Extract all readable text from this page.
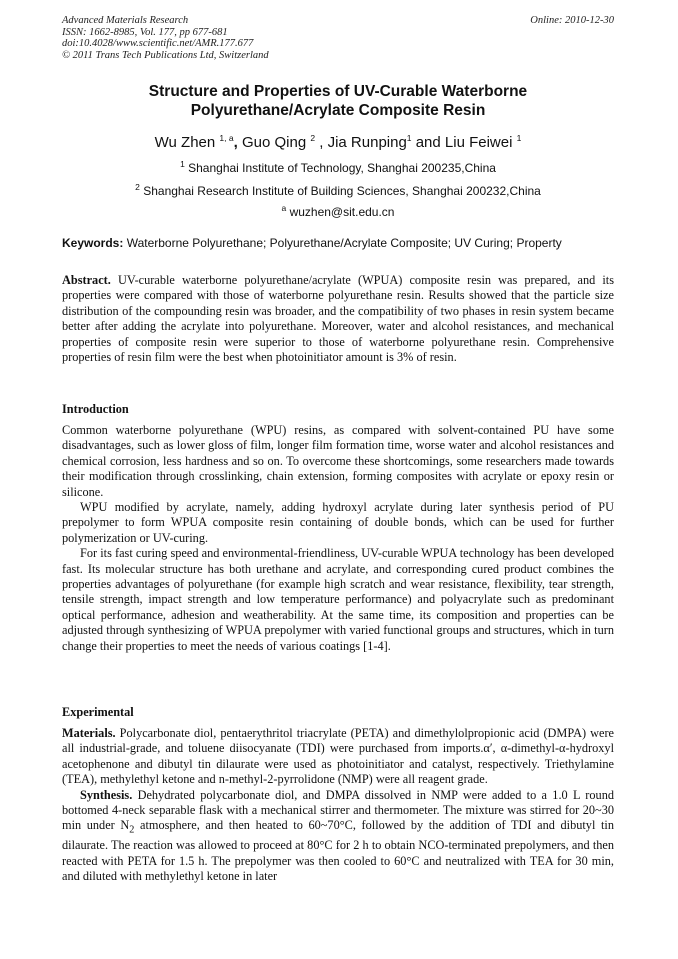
Advanced Materials Research
ISSN: 1662-8985, Vol. 177, pp 677-681
doi:10.4028/www.scientific.net/AMR.177.677
© 2011 Trans Tech Publications Ltd, Switzerland
Online: 2010-12-30
Structure and Properties of UV-Curable Waterborne
Polyurethane/Acrylate Composite Resin
Wu Zhen $^{1, a}$, Guo Qing $^2$ , Jia Runping$^1$ and Liu Feiwei $^1$
$^1$ Shanghai Institute of Technology, Shanghai 200235,China
$^2$ Shanghai Research Institute of Building Sciences, Shanghai 200232,China
$^a$ wuzhen@sit.edu.cn
Keywords: Waterborne Polyurethane; Polyurethane/Acrylate Composite; UV Curing; Property

Abstract. UV-curable waterborne polyurethane/acrylate (WPUA) composite resin was prepared, and its properties were compared with those of waterborne polyurethane resin. Results showed that the particle size distribution of the compounding resin was broader, and the compatibility of two phases in resin system became better after adding the acrylate into polyurethane. Moreover, water and alcohol resistances, and mechanical properties of composite resin were superior to those of waterborne polyurethane resin. Comprehensive properties of resin film were the best when photoinitiator amount is 3% of resin.

Introduction

Common waterborne polyurethane (WPU) resins, as compared with solvent-contained PU have some disadvantages, such as lower gloss of film, longer film formation time, worse water and alcohol resistances and chemical corrosion, less hardness and so on. To overcome these shortcomings, some researchers made towards their modification through crosslinking, chain extension, forming composites with acrylate or epoxy resin or silicone.

WPU modified by acrylate, namely, adding hydroxyl acrylate during later synthesis period of PU prepolymer to form WPUA composite resin containing of double bonds, which can be used for further polymerization or UV-curing.

For its fast curing speed and environmental-friendliness, UV-curable WPUA technology has been developed fast. Its molecular structure has both urethane and acrylate, and corresponding cured product combines the properties advantages of polyurethane (for example high scratch and wear resistance, flexibility, tear strength, tensile strength, impact strength and low temperature performance) and polyacrylate such as predominant optical performance, adhesion and weatherability. At the same time, its composition and properties can be adjusted through synthesizing of WPUA prepolymer with varied functional groups and structures, which in turn change their properties to meet the needs of various coatings [1-4].

Experimental

Materials. Polycarbonate diol, pentaerythritol triacrylate (PETA) and dimethylolpropionic acid (DMPA) were all industrial-grade, and toluene diisocyanate (TDI) were purchased from imports.α′, α-dimethyl-α-hydroxyl acetophenone and dibutyl tin dilaurate were used as photoinitiator and catalyst, respectively. Triethylamine (TEA), methylethyl ketone and n-methyl-2-pyrrolidone (NMP) were all reagent grade.

Synthesis. Dehydrated polycarbonate diol, and DMPA dissolved in NMP were added to a 1.0 L round bottomed 4-neck separable flask with a mechanical stirrer and thermometer. The mixture was stirred for 20~30 min under $N_2$ atmosphere, and then heated to 60~70°C, followed by the addition of TDI and dibutyl tin dilaurate. The reaction was allowed to proceed at 80°C for 2 h to obtain NCO-terminated prepolymers, and then reacted with PETA for 1.5 h. The prepolymer was then cooled to 60°C and neutralized with TEA for 30 min, and diluted with methylethyl ketone in later
